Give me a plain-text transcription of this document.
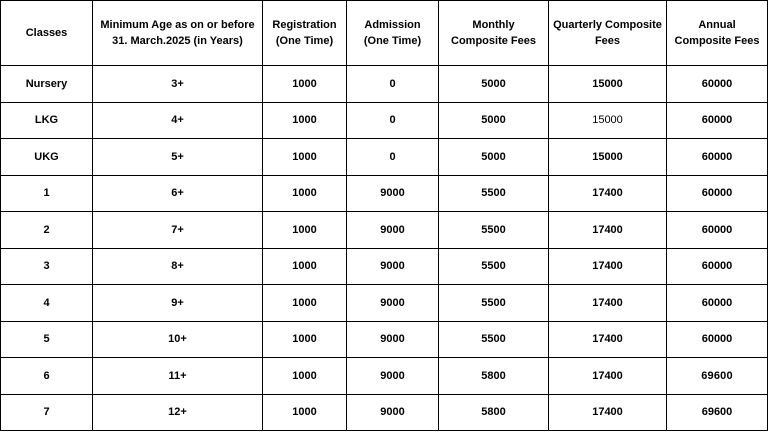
Classes	Minimum Age as on or before 31. March.2025 (in Years)	Registration (One Time)	Admission (One Time)	Monthly Composite Fees	Quarterly Composite Fees	Annual Composite Fees
Nursery	3+	1000	0	5000	15000	60000
LKG	4+	1000	0	5000	15000	60000
UKG	5+	1000	0	5000	15000	60000
1	6+	1000	9000	5500	17400	60000
2	7+	1000	9000	5500	17400	60000
3	8+	1000	9000	5500	17400	60000
4	9+	1000	9000	5500	17400	60000
5	10+	1000	9000	5500	17400	60000
6	11+	1000	9000	5800	17400	69600
7	12+	1000	9000	5800	17400	69600
